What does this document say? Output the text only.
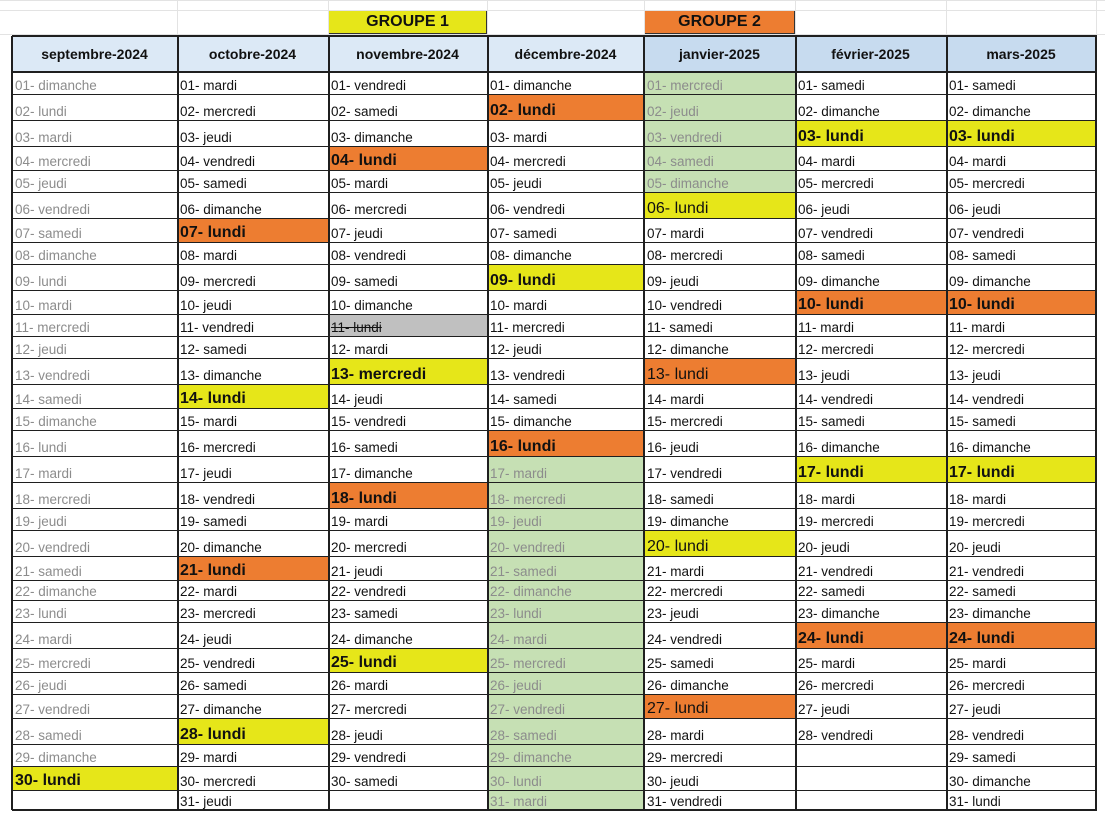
GROUPE 1	GROUPE 2
septembre-2024
01- dimanche
02- lundi
03- mardi
04- mercredi
05- jeudi
06- vendredi
07- samedi
08- dimanche
09- lundi
10- mardi
11- mercredi
12- jeudi
13- vendredi
14- samedi
15- dimanche
16- lundi
17- mardi
18- mercredi
19- jeudi
20- vendredi
21- samedi
22- dimanche
23- lundi
24- mardi
25- mercredi
26- jeudi
27- vendredi
28- samedi
29- dimanche
30- lundi
octobre-2024
01- mardi
02- mercredi
03- jeudi
04- vendredi
05- samedi
06- dimanche
07- lundi
08- mardi
09- mercredi
10- jeudi
11- vendredi
12- samedi
13- dimanche
14- lundi
15- mardi
16- mercredi
17- jeudi
18- vendredi
19- samedi
20- dimanche
21- lundi
22- mardi
23- mercredi
24- jeudi
25- vendredi
26- samedi
27- dimanche
28- lundi
29- mardi
30- mercredi
31- jeudi
novembre-2024
01- vendredi
02- samedi
03- dimanche
04- lundi
05- mardi
06- mercredi
07- jeudi
08- vendredi
09- samedi
10- dimanche
11- lundi
12- mardi
13- mercredi
14- jeudi
15- vendredi
16- samedi
17- dimanche
18- lundi
19- mardi
20- mercredi
21- jeudi
22- vendredi
23- samedi
24- dimanche
25- lundi
26- mardi
27- mercredi
28- jeudi
29- vendredi
30- samedi
décembre-2024
01- dimanche
02- lundi
03- mardi
04- mercredi
05- jeudi
06- vendredi
07- samedi
08- dimanche
09- lundi
10- mardi
11- mercredi
12- jeudi
13- vendredi
14- samedi
15- dimanche
16- lundi
17- mardi
18- mercredi
19- jeudi
20- vendredi
21- samedi
22- dimanche
23- lundi
24- mardi
25- mercredi
26- jeudi
27- vendredi
28- samedi
29- dimanche
30- lundi
31- mardi
janvier-2025
01- mercredi
02- jeudi
03- vendredi
04- samedi
05- dimanche
06- lundi
07- mardi
08- mercredi
09- jeudi
10- vendredi
11- samedi
12- dimanche
13- lundi
14- mardi
15- mercredi
16- jeudi
17- vendredi
18- samedi
19- dimanche
20- lundi
21- mardi
22- mercredi
23- jeudi
24- vendredi
25- samedi
26- dimanche
27- lundi
28- mardi
29- mercredi
30- jeudi
31- vendredi
février-2025
01- samedi
02- dimanche
03- lundi
04- mardi
05- mercredi
06- jeudi
07- vendredi
08- samedi
09- dimanche
10- lundi
11- mardi
12- mercredi
13- jeudi
14- vendredi
15- samedi
16- dimanche
17- lundi
18- mardi
19- mercredi
20- jeudi
21- vendredi
22- samedi
23- dimanche
24- lundi
25- mardi
26- mercredi
27- jeudi
28- vendredi
mars-2025
01- samedi
02- dimanche
03- lundi
04- mardi
05- mercredi
06- jeudi
07- vendredi
08- samedi
09- dimanche
10- lundi
11- mardi
12- mercredi
13- jeudi
14- vendredi
15- samedi
16- dimanche
17- lundi
18- mardi
19- mercredi
20- jeudi
21- vendredi
22- samedi
23- dimanche
24- lundi
25- mardi
26- mercredi
27- jeudi
28- vendredi
29- samedi
30- dimanche
31- lundi
